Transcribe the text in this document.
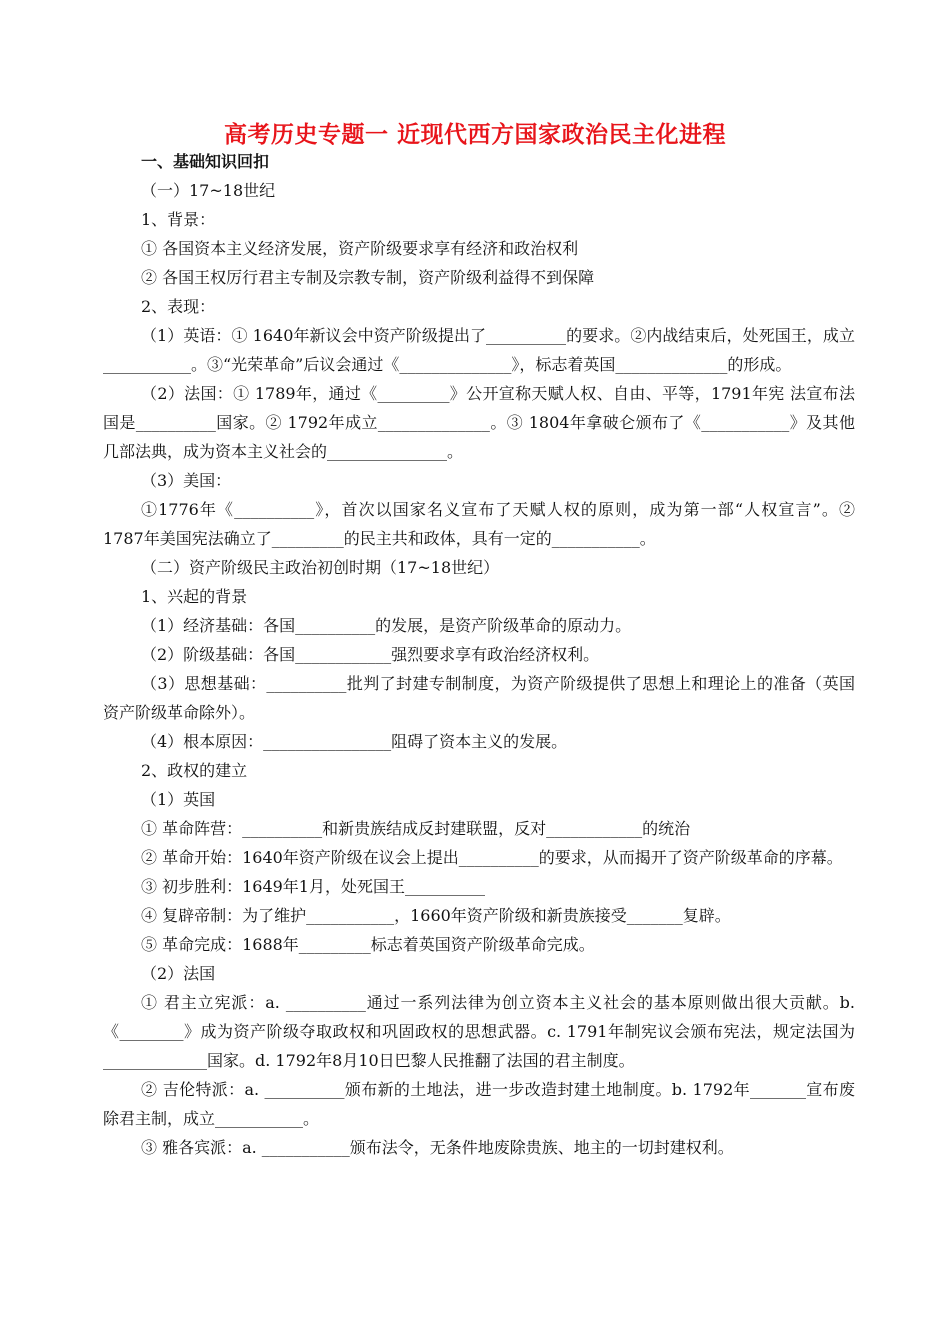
高考历史专题一 近现代西方国家政治民主化进程
一、基础知识回扣
（一）17~18世纪
1、背景：
① 各国资本主义经济发展，资产阶级要求享有经济和政治权利
② 各国王权厉行君主专制及宗教专制，资产阶级利益得不到保障
2、表现：
（1）英语：① 1640年新议会中资产阶级提出了__________的要求。②内战结束后，处死国王，成立___________。③“光荣革命”后议会通过《______________》，标志着英国______________的形成。
（2）法国：① 1789年，通过《_________》公开宣称天赋人权、自由、平等，1791年宪 法宣布法国是__________国家。② 1792年成立______________。③ 1804年拿破仑颁布了《___________》及其他几部法典，成为资本主义社会的_______________。
（3）美国：
①1776年《__________》，首次以国家名义宣布了天赋人权的原则，成为第一部“人权宣言”。② 1787年美国宪法确立了_________的民主共和政体，具有一定的___________。
（二）资产阶级民主政治初创时期（17~18世纪）
1、兴起的背景
（1）经济基础：各国__________的发展，是资产阶级革命的原动力。
（2）阶级基础：各国____________强烈要求享有政治经济权利。
（3）思想基础：__________批判了封建专制制度，为资产阶级提供了思想上和理论上的准备（英国资产阶级革命除外）。
（4）根本原因：________________阻碍了资本主义的发展。
2、政权的建立
（1）英国
① 革命阵营：__________和新贵族结成反封建联盟，反对____________的统治
② 革命开始：1640年资产阶级在议会上提出__________的要求，从而揭开了资产阶级革命的序幕。
③ 初步胜利：1649年1月，处死国王__________
④ 复辟帝制：为了维护___________，1660年资产阶级和新贵族接受_______复辟。
⑤ 革命完成：1688年_________标志着英国资产阶级革命完成。
（2）法国
① 君主立宪派：a. __________通过一系列法律为创立资本主义社会的基本原则做出很大贡献。b.《________》成为资产阶级夺取政权和巩固政权的思想武器。c. 1791年制宪议会颁布宪法，规定法国为_____________国家。d. 1792年8月10日巴黎人民推翻了法国的君主制度。
② 吉伦特派：a. __________颁布新的土地法，进一步改造封建土地制度。b. 1792年_______宣布废除君主制，成立___________。
③ 雅各宾派：a. ___________颁布法令，无条件地废除贵族、地主的一切封建权利。
